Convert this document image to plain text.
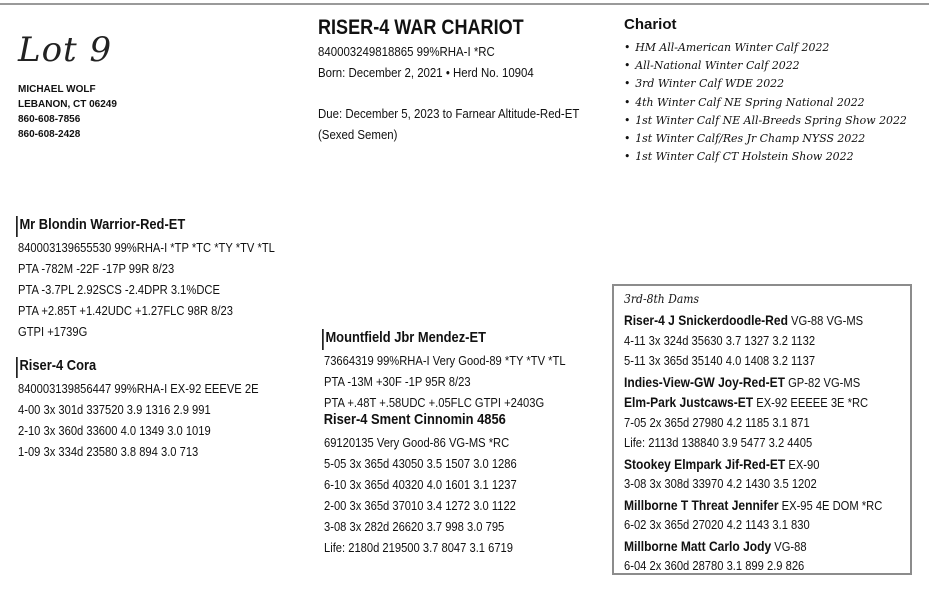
Lot 9
MICHAEL WOLF
LEBANON, CT 06249
860-608-7856
860-608-2428
RISER-4 WAR CHARIOT
840003249818865 99%RHA-I *RC
Born: December 2, 2021 • Herd No. 10904
Due: December 5, 2023 to Farnear Altitude-Red-ET
(Sexed Semen)
Chariot
• HM All-American Winter Calf 2022
• All-National Winter Calf 2022
• 3rd Winter Calf WDE 2022
• 4th Winter Calf NE Spring National 2022
• 1st Winter Calf NE All-Breeds Spring Show 2022
• 1st Winter Calf/Res Jr Champ NYSS 2022
• 1st Winter Calf CT Holstein Show 2022
Mr Blondin Warrior-Red-ET
840003139655530 99%RHA-I *TP *TC *TY *TV *TL
PTA -782M -22F -17P 99R 8/23
PTA -3.7PL 2.92SCS -2.4DPR 3.1%DCE
PTA +2.85T +1.42UDC +1.27FLC 98R 8/23
GTPI +1739G
Riser-4 Cora
840003139856447 99%RHA-I EX-92 EEEVE 2E
4-00 3x 301d 337520 3.9 1316 2.9 991
2-10 3x 360d 33600 4.0 1349 3.0 1019
1-09 3x 334d 23580 3.8 894 3.0 713
Mountfield Jbr Mendez-ET
73664319 99%RHA-I Very Good-89 *TY *TV *TL
PTA -13M +30F -1P 95R 8/23
PTA +.48T +.58UDC +.05FLC GTPI +2403G
Riser-4 Sment Cinnomin 4856
69120135 Very Good-86 VG-MS *RC
5-05 3x 365d 43050 3.5 1507 3.0 1286
6-10 3x 365d 40320 4.0 1601 3.1 1237
2-00 3x 365d 37010 3.4 1272 3.0 1122
3-08 3x 282d 26620 3.7 998 3.0 795
Life: 2180d 219500 3.7 8047 3.1 6719
3rd-8th Dams
Riser-4 J Snickerdoodle-Red VG-88 VG-MS
4-11 3x 324d 35630 3.7 1327 3.2 1132
5-11 3x 365d 35140 4.0 1408 3.2 1137
Indies-View-GW Joy-Red-ET GP-82 VG-MS
Elm-Park Justcaws-ET EX-92 EEEEE 3E *RC
7-05 2x 365d 27980 4.2 1185 3.1 871
Life: 2113d 138840 3.9 5477 3.2 4405
Stookey Elmpark Jif-Red-ET EX-90
3-08 3x 308d 33970 4.2 1430 3.5 1202
Millborne T Threat Jennifer EX-95 4E DOM *RC
6-02 3x 365d 27020 4.2 1143 3.1 830
Millborne Matt Carlo Jody VG-88
6-04 2x 360d 28780 3.1 899 2.9 826
